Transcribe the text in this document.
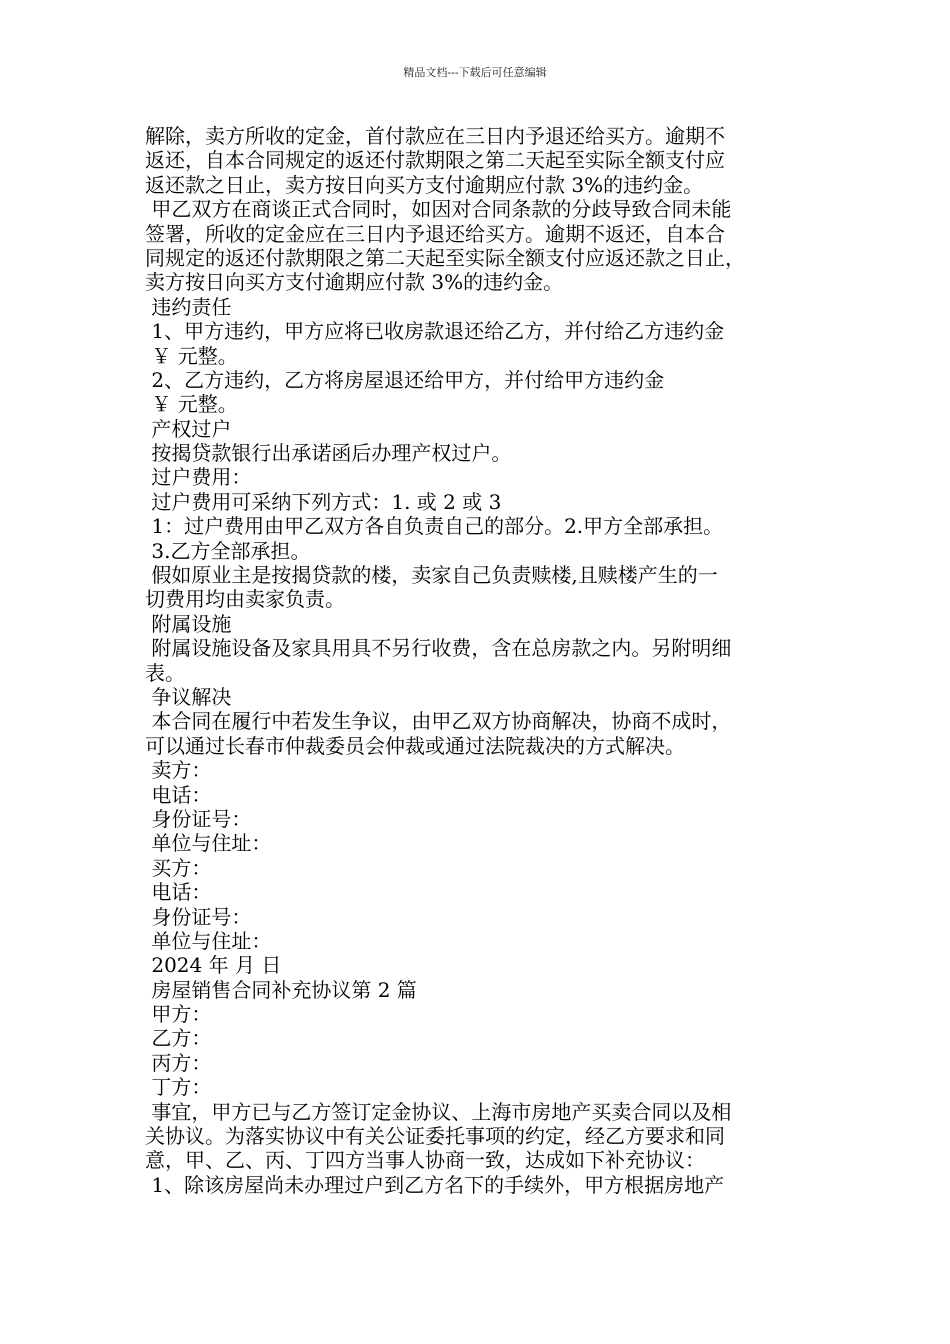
精品文档---下载后可任意编辑
解除，卖方所收的定金，首付款应在三日内予退还给买方。逾期不
返还，自本合同规定的返还付款期限之第二天起至实际全额支付应
返还款之日止，卖方按日向买方支付逾期应付款 3%的违约金。
甲乙双方在商谈正式合同时，如因对合同条款的分歧导致合同未能
签署，所收的定金应在三日内予退还给买方。逾期不返还，自本合
同规定的返还付款期限之第二天起至实际全额支付应返还款之日止，
卖方按日向买方支付逾期应付款 3%的违约金。
违约责任
1、甲方违约，甲方应将已收房款退还给乙方，并付给乙方违约金
￥ 元整。
2、乙方违约，乙方将房屋退还给甲方，并付给甲方违约金
￥ 元整。
产权过户
按揭贷款银行出承诺函后办理产权过户。
过户费用：
过户费用可采纳下列方式：1. 或 2 或 3
1：过户费用由甲乙双方各自负责自己的部分。2.甲方全部承担。
3.乙方全部承担。
假如原业主是按揭贷款的楼，卖家自己负责赎楼,且赎楼产生的一
切费用均由卖家负责。
附属设施
附属设施设备及家具用具不另行收费，含在总房款之内。另附明细
表。
争议解决
本合同在履行中若发生争议，由甲乙双方协商解决，协商不成时，
可以通过长春市仲裁委员会仲裁或通过法院裁决的方式解决。
卖方：
电话：
身份证号：
单位与住址：
买方：
电话：
身份证号：
单位与住址：
2024 年 月 日
房屋销售合同补充协议第 2 篇
甲方：
乙方：
丙方：
丁方：
事宜，甲方已与乙方签订定金协议、上海市房地产买卖合同以及相
关协议。为落实协议中有关公证委托事项的约定，经乙方要求和同
意，甲、乙、丙、丁四方当事人协商一致，达成如下补充协议：
1、除该房屋尚未办理过户到乙方名下的手续外，甲方根据房地产
